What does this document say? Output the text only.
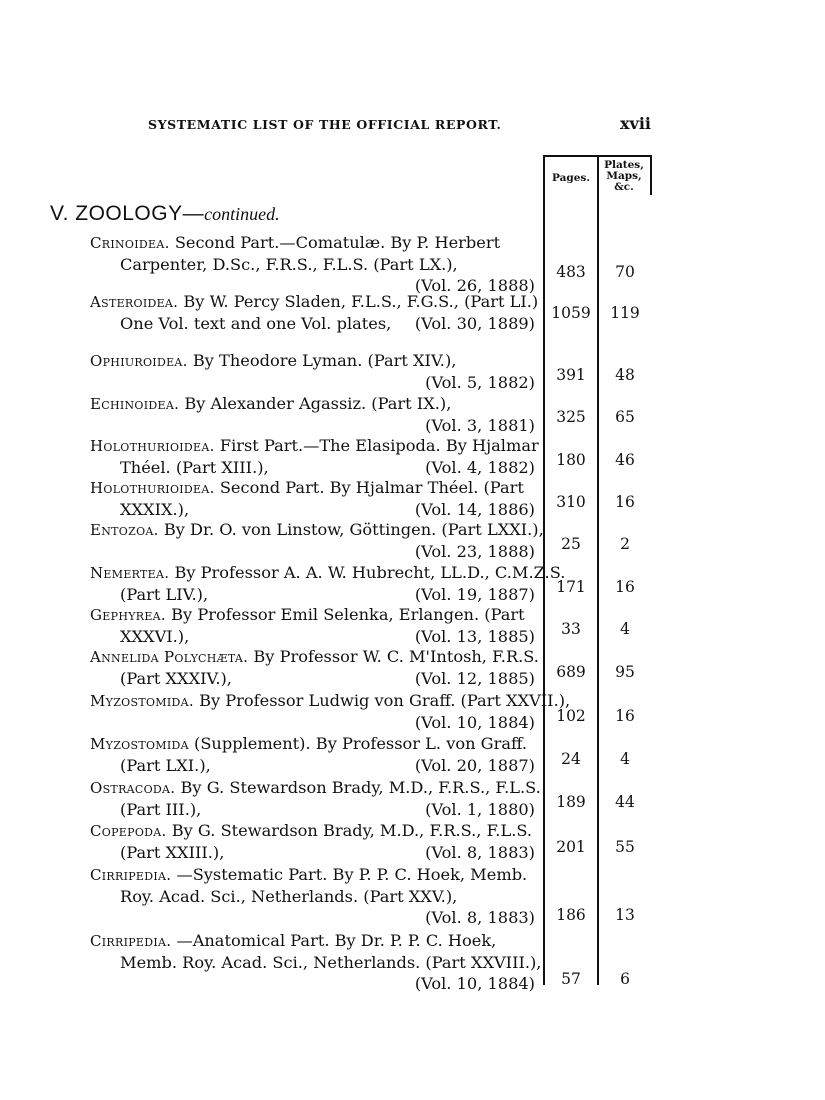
SYSTEMATIC LIST OF THE OFFICIAL REPORT.	xvii
Pages.
Plates,
Maps, &c.
V. ZOOLOGY—continued.
Crinoidea. Second Part.—Comatulæ. By P. Herbert
Carpenter, D.Sc., F.R.S., F.L.S. (Part LX.),
(Vol. 26, 1888)
483	70
Asteroidea. By W. Percy Sladen, F.L.S., F.G.S., (Part LI.)
One Vol. text and one Vol. plates, (Vol. 30, 1889)
1059	119
Ophiuroidea. By Theodore Lyman. (Part XIV.),
(Vol. 5, 1882)	391	48
Echinoidea. By Alexander Agassiz. (Part IX.),
(Vol. 3, 1881)	325	65
Holothurioidea. First Part.—The Elasipoda. By Hjalmar
Théel. (Part XIII.),	(Vol. 4, 1882)	180	46
Holothurioidea. Second Part. By Hjalmar Théel. (Part
XXXIX.),	(Vol. 14, 1886)	310	16
Entozoa. By Dr. O. von Linstow, Göttingen. (Part LXXI.),
(Vol. 23, 1888)	25	2
Nemertea. By Professor A. A. W. Hubrecht, LL.D., C.M.Z.S.
(Part LIV.),	(Vol. 19, 1887)	171	16
Gephyrea. By Professor Emil Selenka, Erlangen. (Part
XXXVI.),	(Vol. 13, 1885)	33	4
Annelida Polychæta. By Professor W. C. M'Intosh, F.R.S.
(Part XXXIV.),	(Vol. 12, 1885)	689	95
Myzostomida. By Professor Ludwig von Graff. (Part XXVII.),
(Vol. 10, 1884)	102	16
Myzostomida (Supplement). By Professor L. von Graff.
(Part LXI.),	(Vol. 20, 1887)	24	4
Ostracoda. By G. Stewardson Brady, M.D., F.R.S., F.L.S.
(Part III.),	(Vol. 1, 1880)	189	44
Copepoda. By G. Stewardson Brady, M.D., F.R.S., F.L.S.
(Part XXIII.),	(Vol. 8, 1883)	201	55
Cirripedia. —Systematic Part. By P. P. C. Hoek, Memb.
Roy. Acad. Sci., Netherlands. (Part XXV.),
(Vol. 8, 1883)	186	13
Cirripedia. —Anatomical Part. By Dr. P. P. C. Hoek,
Memb. Roy. Acad. Sci., Netherlands. (Part XXVIII.),
(Vol. 10, 1884)	57	6
